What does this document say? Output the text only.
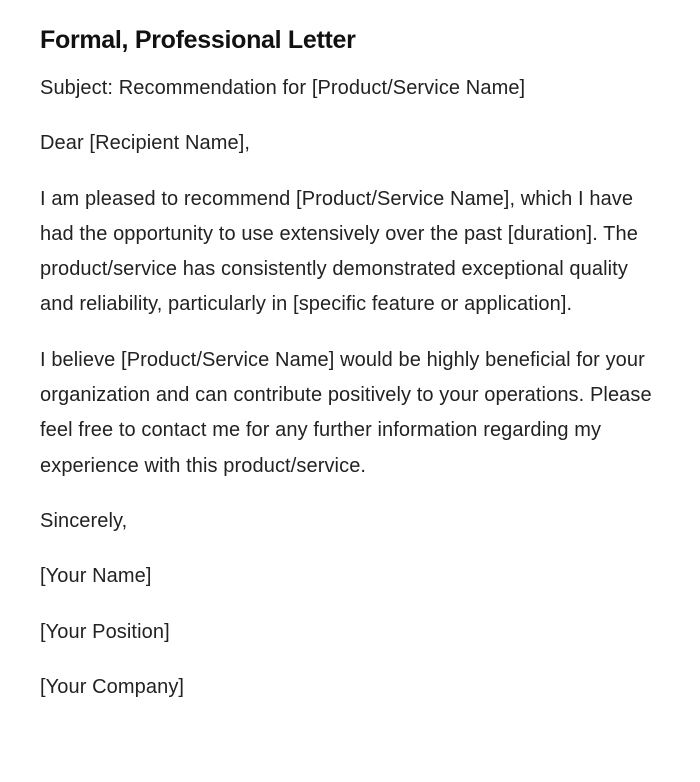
Formal, Professional Letter

Subject: Recommendation for [Product/Service Name]

Dear [Recipient Name],

I am pleased to recommend [Product/Service Name], which I have had the opportunity to use extensively over the past [duration]. The product/service has consistently demonstrated exceptional quality and reliability, particularly in [specific feature or application].

I believe [Product/Service Name] would be highly beneficial for your organization and can contribute positively to your operations. Please feel free to contact me for any further information regarding my experience with this product/service.

Sincerely,

[Your Name]

[Your Position]

[Your Company]
